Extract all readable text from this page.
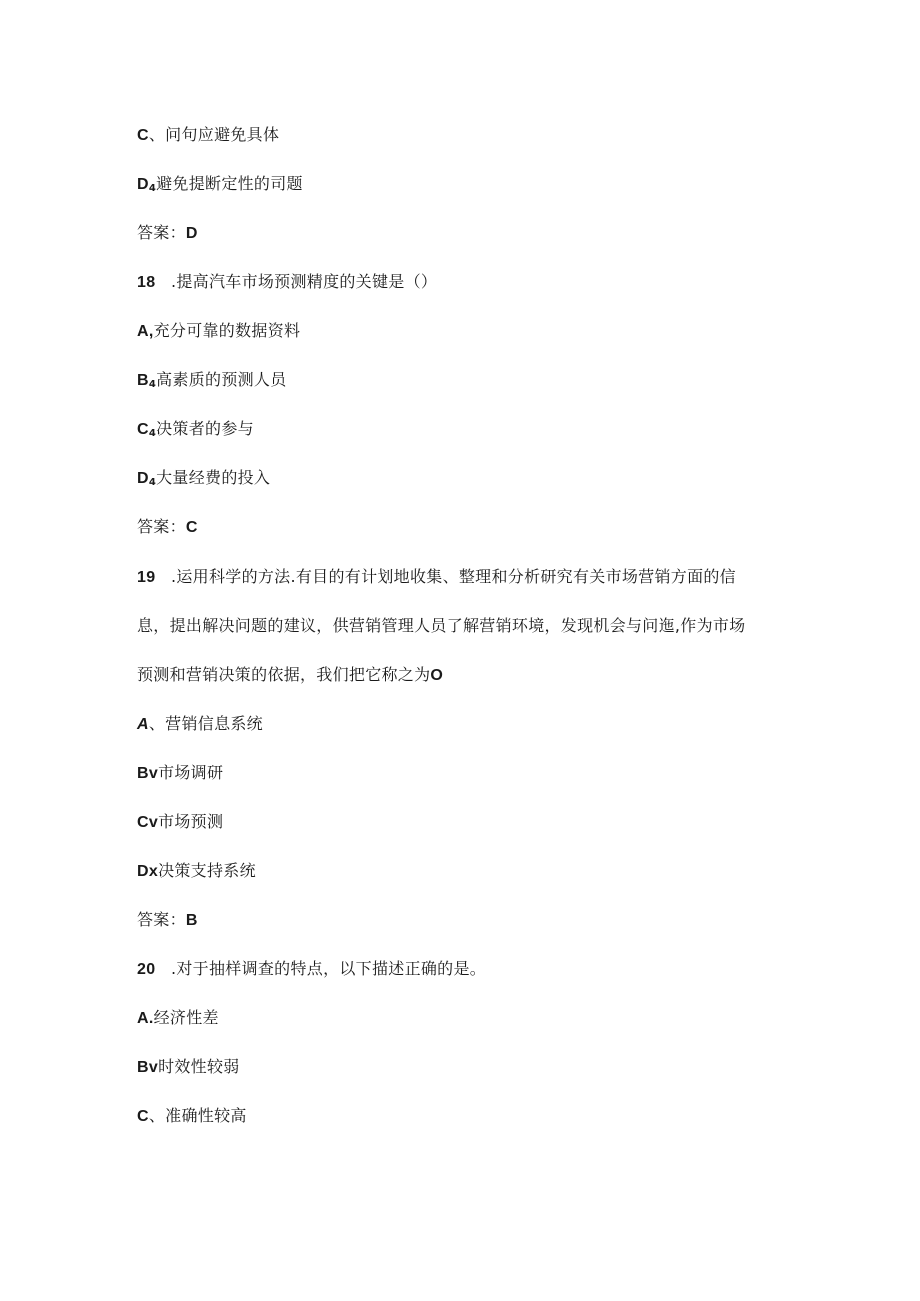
C、问句应避免具体
$D_4$避免提断定性的司题
答案：D
18 .提高汽车市场预测精度的关键是（）
A,充分可靠的数据资料
$B_4$高素质的预测人员
$C_4$决策者的参与
$D_4$大量经费的投入
答案：C
19 .运用科学的方法.有目的有计划地收集、整理和分析研究有关市场营销方面的信
息，提出解决问题的建议，供营销管理人员了解营销环境，发现机会与问迤,作为市场
预测和营销决策的依据，我们把它称之为O
A、营销信息系统
Bv市场调研
Cv市场预测
Dx决策支持系统
答案：B
20 .对于抽样调查的特点，以下描述正确的是。
A.经济性差
Bv时效性较弱
C、准确性较高
